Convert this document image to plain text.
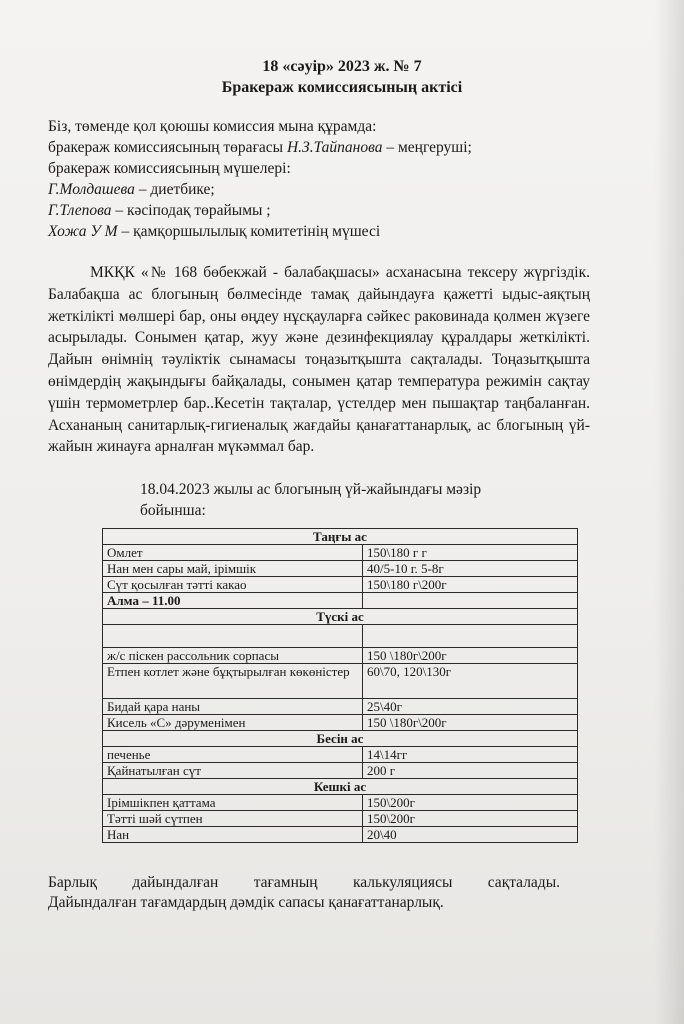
18 «сәуір» 2023 ж. № 7
Бракераж комиссиясының актісі
Біз, төменде қол қоюшы комиссия мына құрамда:
бракераж комиссиясының төрағасы Н.З.Тайпанова – меңгеруші;
бракераж комиссиясының мүшелері:
Г.Молдашева – диетбике;
Г.Тлепова – кәсіподақ төрайымы ;
Хожа У М – қамқоршылылық комитетінің мүшесі
МКҚК «№ 168 бөбекжай - балабақшасы» асханасына тексеру жүргіздік. Балабақша ас блогының бөлмесінде тамақ дайындауға қажетті ыдыс-аяқтың жеткілікті мөлшері бар, оны өңдеу нұсқауларға сәйкес раковинада қолмен жүзеге асырылады. Сонымен қатар, жуу және дезинфекциялау құралдары жеткілікті. Дайын өнімнің тәуліктік сынамасы тоңазытқышта сақталады. Тоңазытқышта өнімдердің жақындығы байқалады, сонымен қатар температура режимін сақтау үшін термометрлер бар..Кесетін тақталар, үстелдер мен пышақтар таңбаланған. Асхананың санитарлық-гигиеналық жағдайы қанағаттанарлық, ас блогының үй-жайын жинауға арналған мүкәммал бар.
18.04.2023 жылы ас блогының үй-жайындағы мәзір
бойынша:
Таңғы ас	
Омлет	150\180 г г
Нан мен сары май, ірімшік	40/5-10 г. 5-8г
Сүт қосылған тәтті какао	150\180 г\200г
Алма – 11.00	
Түскі ас	

ж/с піскен рассольник сорпасы	150 \180г\200г
Етпен котлет және бұқтырылған көкөністер	60\70, 120\130г
Бидай қара наны	25\40г
Кисель «С» дәруменімен	150 \180г\200г
Бесін ас	
печенье	14\14гг
Қайнатылған сүт	200 г
Кешкі ас	
Ірімшікпен қаттама	150\200г
Тәтті шәй сүтпен	150\200г
Нан	20\40
Барлық дайындалған тағамның калькуляциясы сақталады.
Дайындалған тағамдардың дәмдік сапасы қанағаттанарлық.
